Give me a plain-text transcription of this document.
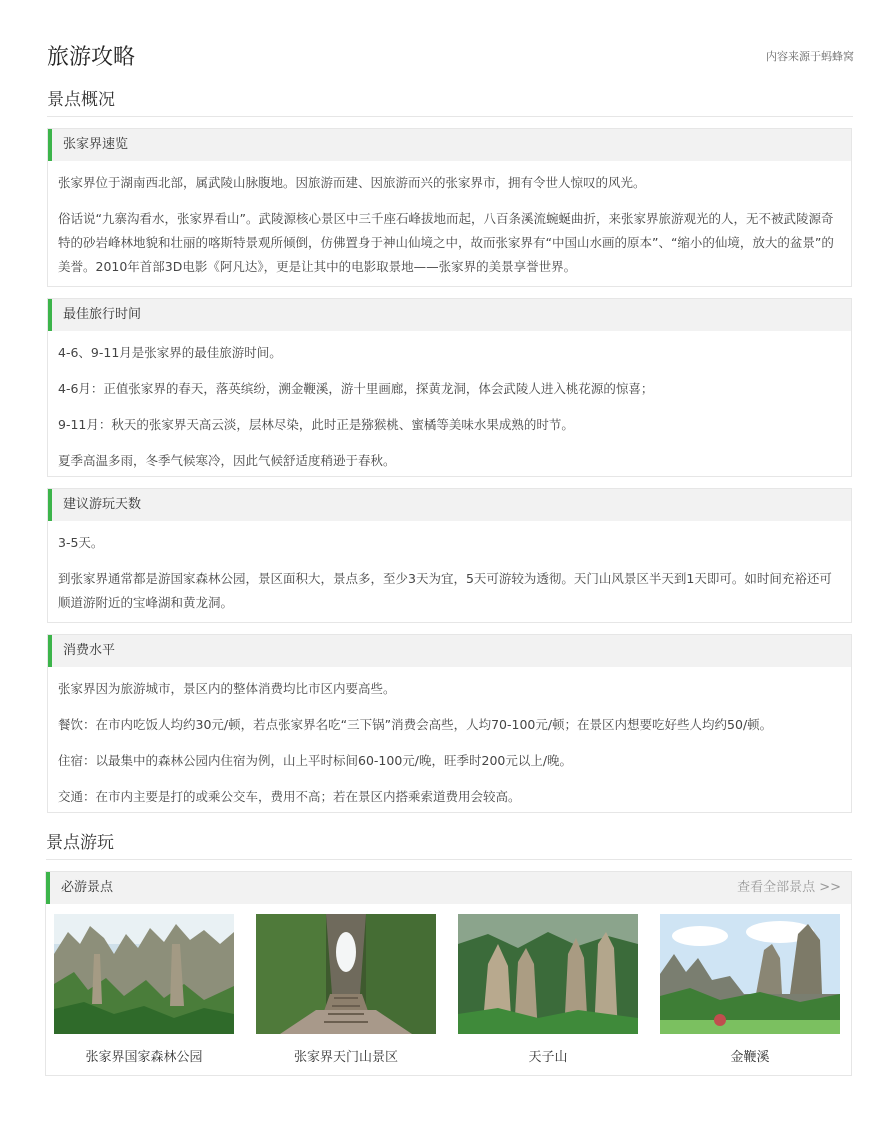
旅游攻略	内容来源于蚂蜂窝
景点概况
张家界速览

张家界位于湖南西北部，属武陵山脉腹地。因旅游而建、因旅游而兴的张家界市，拥有令世人惊叹的风光。

俗话说“九寨沟看水，张家界看山”。武陵源核心景区中三千座石峰拔地而起，八百条溪流蜿蜒曲折，来张家界旅游观光的人，无不被武陵源奇特的砂岩峰林地貌和壮丽的喀斯特景观所倾倒，仿佛置身于神山仙境之中，故而张家界有“中国山水画的原本”、“缩小的仙境，放大的盆景”的美誉。2010年首部3D电影《阿凡达》，更是让其中的电影取景地——张家界的美景享誉世界。

最佳旅行时间

4-6、9-11月是张家界的最佳旅游时间。

4-6月：正值张家界的春天，落英缤纷，溯金鞭溪，游十里画廊，探黄龙洞，体会武陵人进入桃花源的惊喜；

9-11月：秋天的张家界天高云淡，层林尽染，此时正是猕猴桃、蜜橘等美味水果成熟的时节。

夏季高温多雨，冬季气候寒冷，因此气候舒适度稍逊于春秋。

建议游玩天数

3-5天。

到张家界通常都是游国家森林公园，景区面积大，景点多，至少3天为宜，5天可游较为透彻。天门山风景区半天到1天即可。如时间充裕还可顺道游附近的宝峰湖和黄龙洞。

消费水平

张家界因为旅游城市，景区内的整体消费均比市区内要高些。

餐饮：在市内吃饭人均约30元/顿，若点张家界名吃“三下锅”消费会高些，人均70-100元/顿；在景区内想要吃好些人均约50/顿。

住宿：以最集中的森林公园内住宿为例，山上平时标间60-100元/晚，旺季时200元以上/晚。

交通：在市内主要是打的或乘公交车，费用不高；若在景区内搭乘索道费用会较高。

景点游玩
必游景点	查看全部景点 >>
张家界国家森林公园	张家界天门山景区	天子山	金鞭溪
